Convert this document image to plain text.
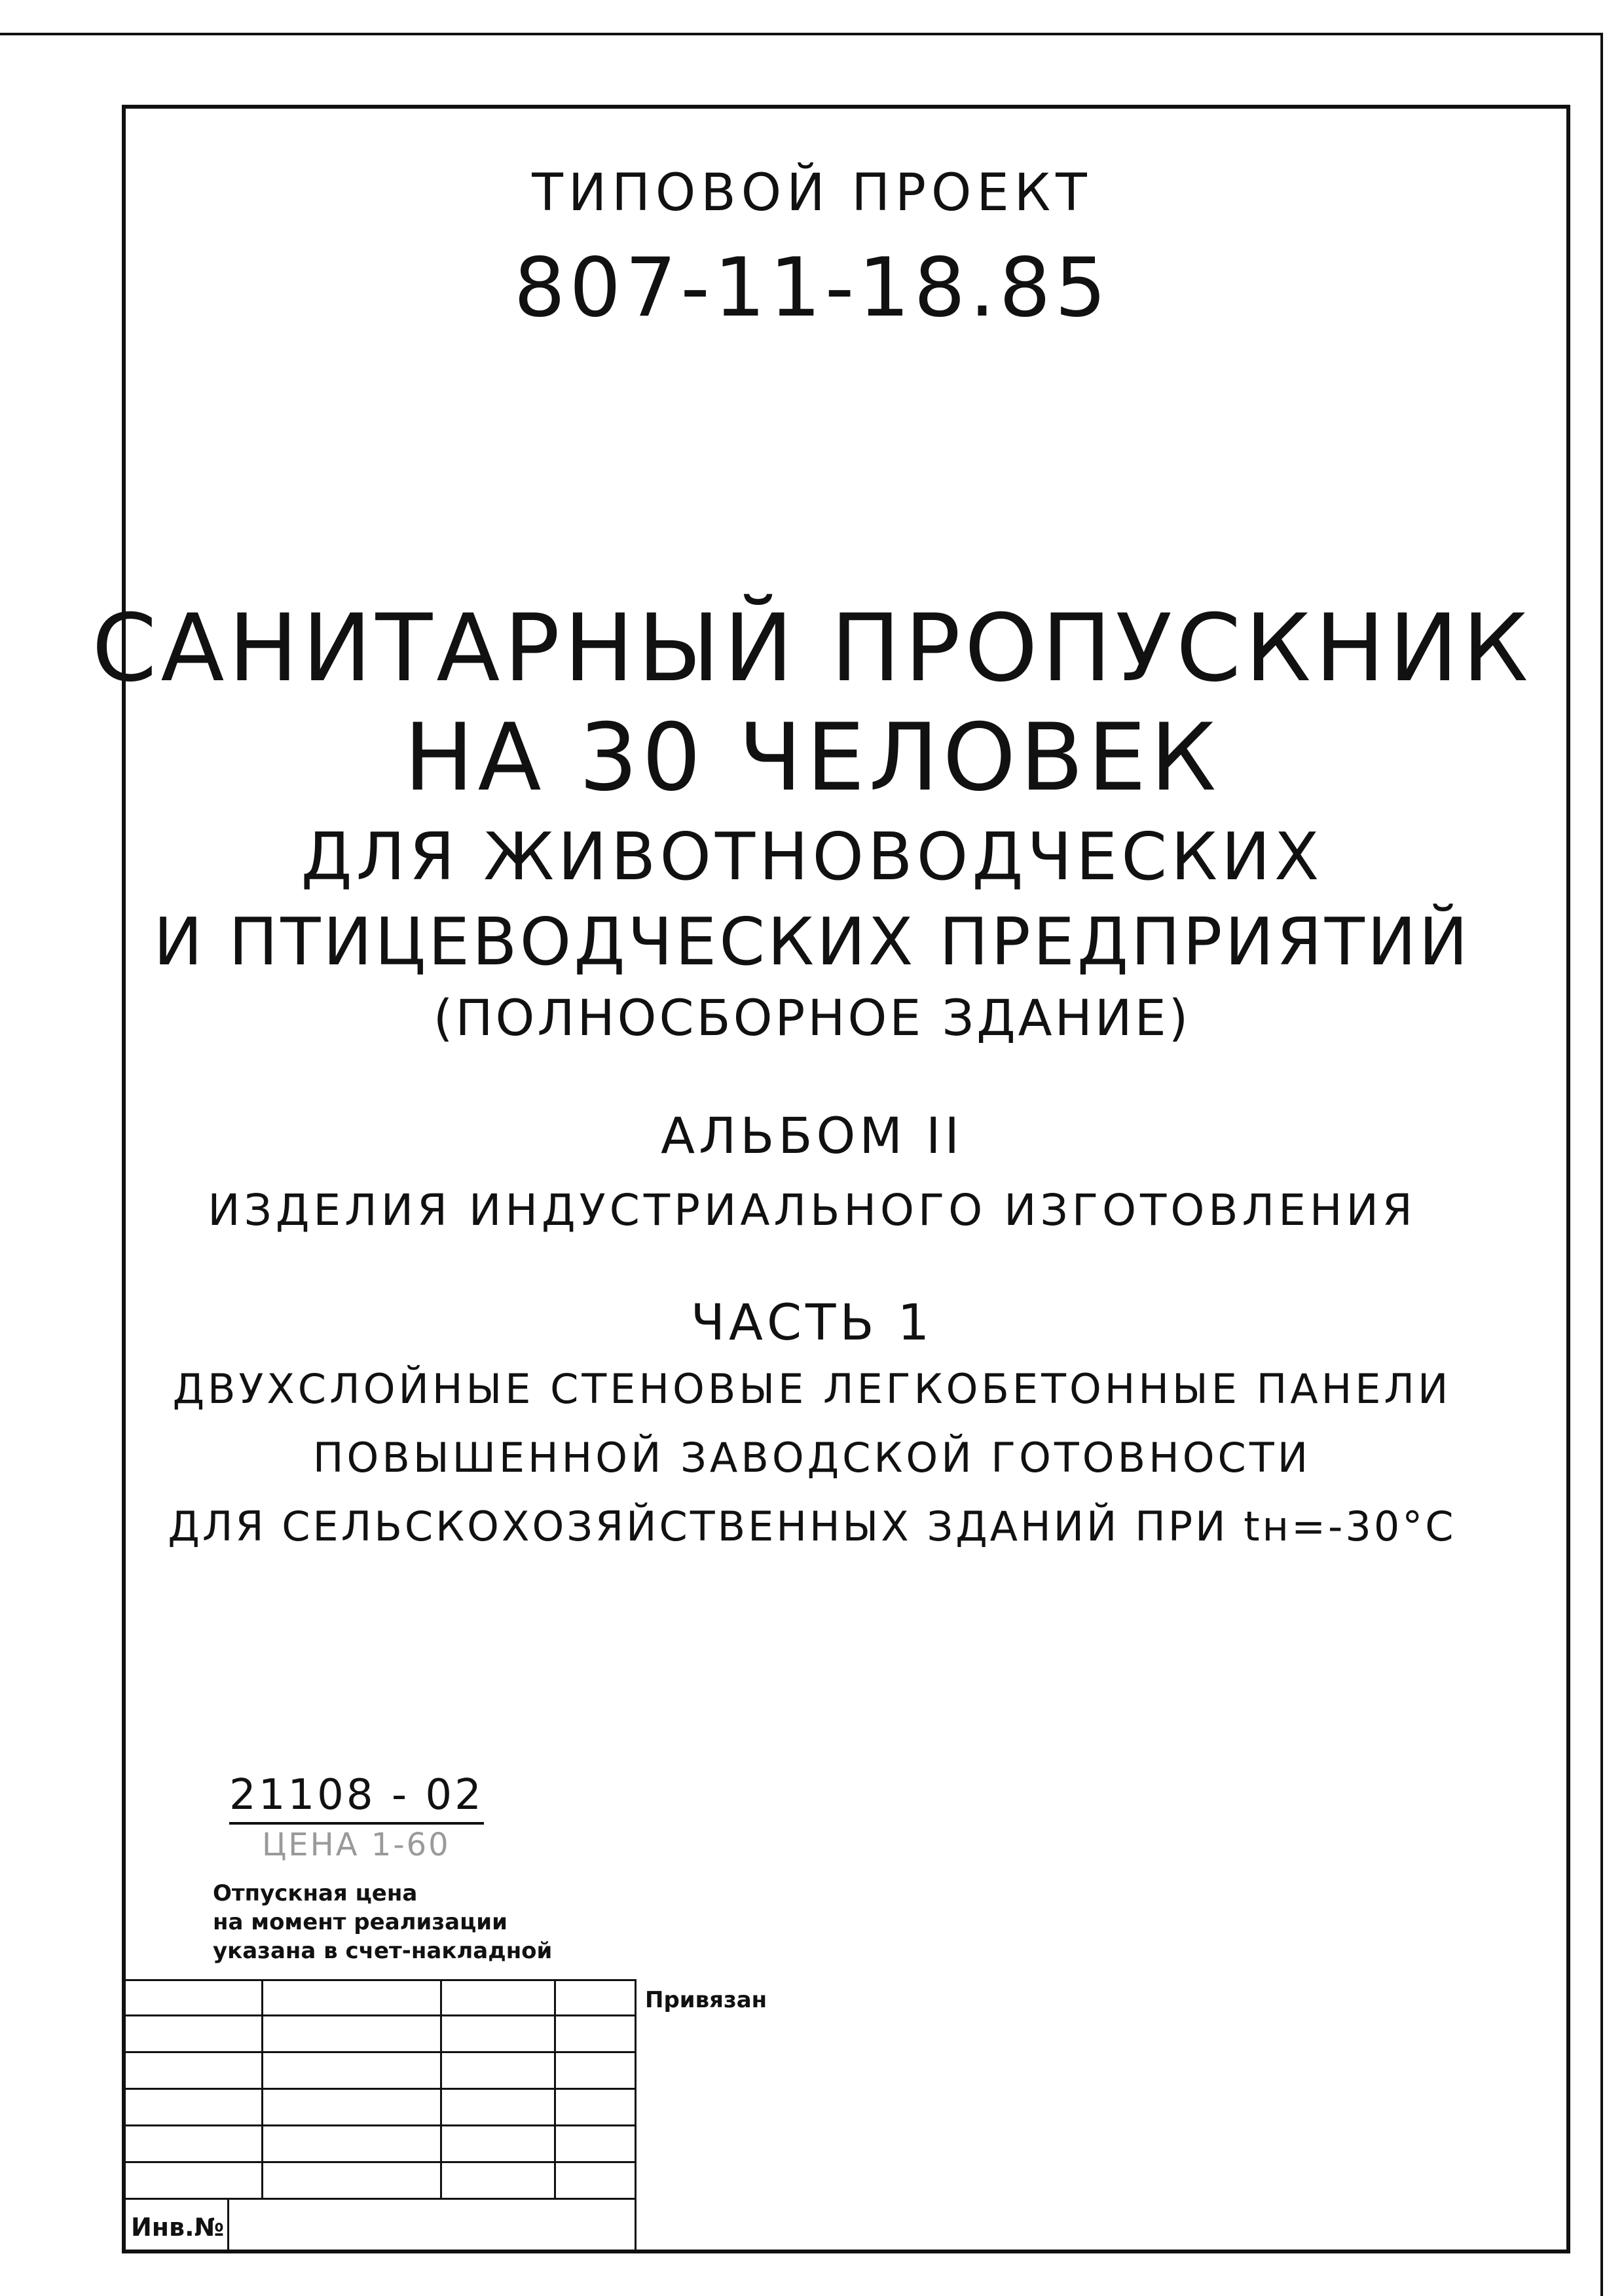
ТИПОВОЙ ПРОЕКТ
807-11-18.85
САНИТАРНЫЙ ПРОПУСКНИК
НА 30 ЧЕЛОВЕК
ДЛЯ ЖИВОТНОВОДЧЕСКИХ
И ПТИЦЕВОДЧЕСКИХ ПРЕДПРИЯТИЙ
(ПОЛНОСБОРНОЕ ЗДАНИЕ)
АЛЬБОМ II
ИЗДЕЛИЯ ИНДУСТРИАЛЬНОГО ИЗГОТОВЛЕНИЯ
ЧАСТЬ 1
ДВУХСЛОЙНЫЕ СТЕНОВЫЕ ЛЕГКОБЕТОННЫЕ ПАНЕЛИ
ПОВЫШЕННОЙ ЗАВОДСКОЙ ГОТОВНОСТИ
ДЛЯ СЕЛЬСКОХОЗЯЙСТВЕННЫХ ЗДАНИЙ ПРИ tн=-30°С
21108 - 02
ЦЕНА 1-60
Отпускная цена
на момент реализации
указана в счет-накладной
Привязан
Инв.№
